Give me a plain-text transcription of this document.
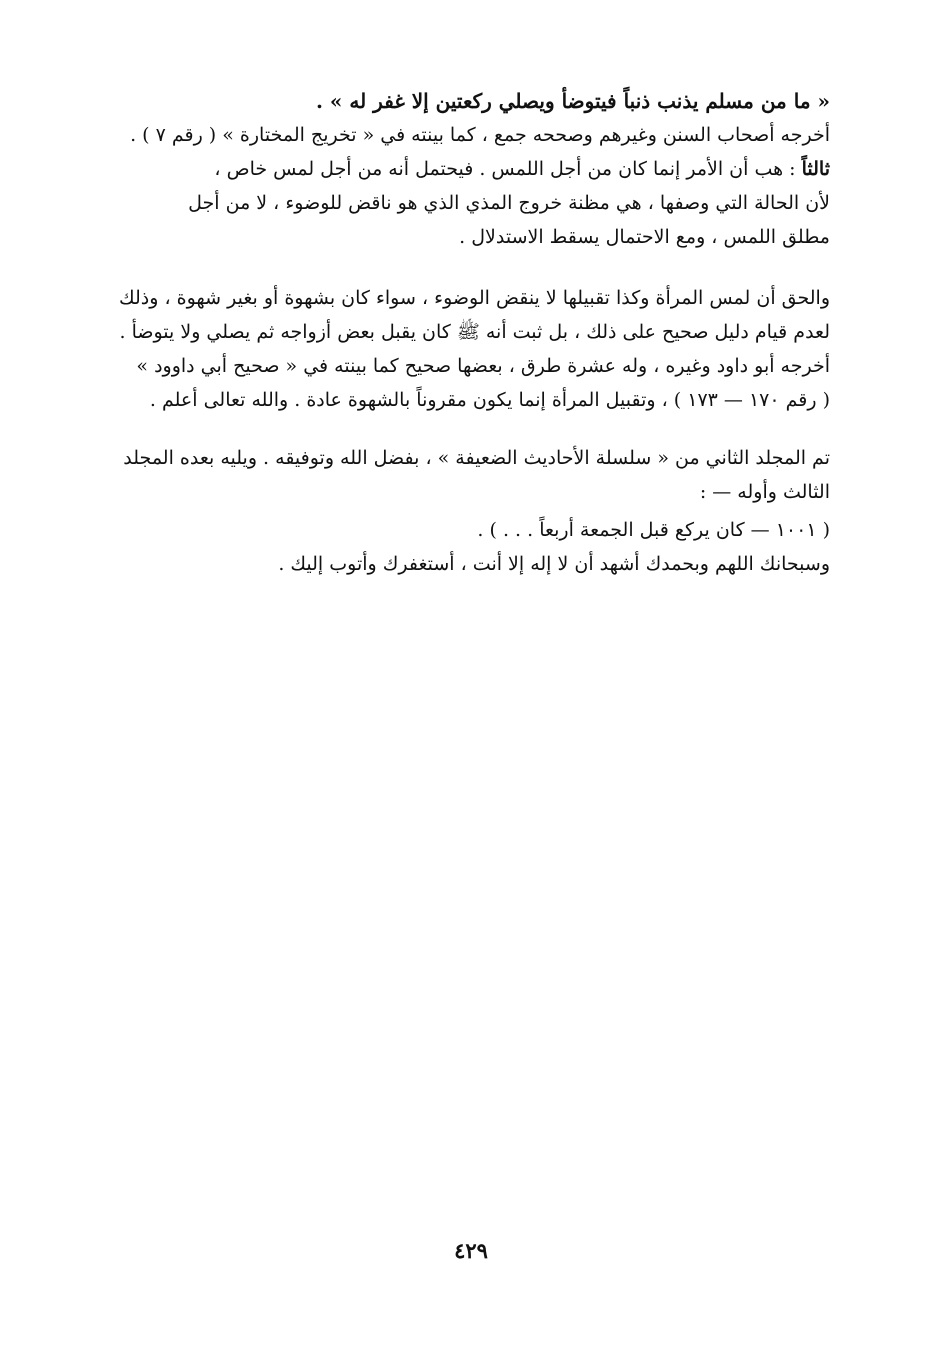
« ما من مسلم يذنب ذنباً فيتوضأ ويصلي ركعتين إلا غفر له » .
أخرجه أصحاب السنن وغيرهم وصححه جمع ، كما بينته في « تخريج المختارة » ( رقم ٧ ) .
ثالثاً : هب أن الأمر إنما كان من أجل اللمس . فيحتمل أنه من أجل لمس خاص ،
لأن الحالة التي وصفها ، هي مظنة خروج المذي الذي هو ناقض للوضوء ، لا من أجل
مطلق اللمس ، ومع الاحتمال يسقط الاستدلال .
والحق أن لمس المرأة وكذا تقبيلها لا ينقض الوضوء ، سواء كان بشهوة أو بغير شهوة ، وذلك
لعدم قيام دليل صحيح على ذلك ، بل ثبت أنه ﷺ كان يقبل بعض أزواجه ثم يصلي ولا يتوضأ .
أخرجه أبو داود وغيره ، وله عشرة طرق ، بعضها صحيح كما بينته في « صحيح أبي داوود »
( رقم ١٧٠ — ١٧٣ ) ، وتقبيل المرأة إنما يكون مقروناً بالشهوة عادة . والله تعالى أعلم .
تم المجلد الثاني من « سلسلة الأحاديث الضعيفة » ، بفضل الله وتوفيقه . ويليه بعده المجلد
الثالث وأوله — :
( ١٠٠١ — كان يركع قبل الجمعة أربعاً . . . ) .
وسبحانك اللهم وبحمدك أشهد أن لا إله إلا أنت ، أستغفرك وأتوب إليك .
٤٢٩
